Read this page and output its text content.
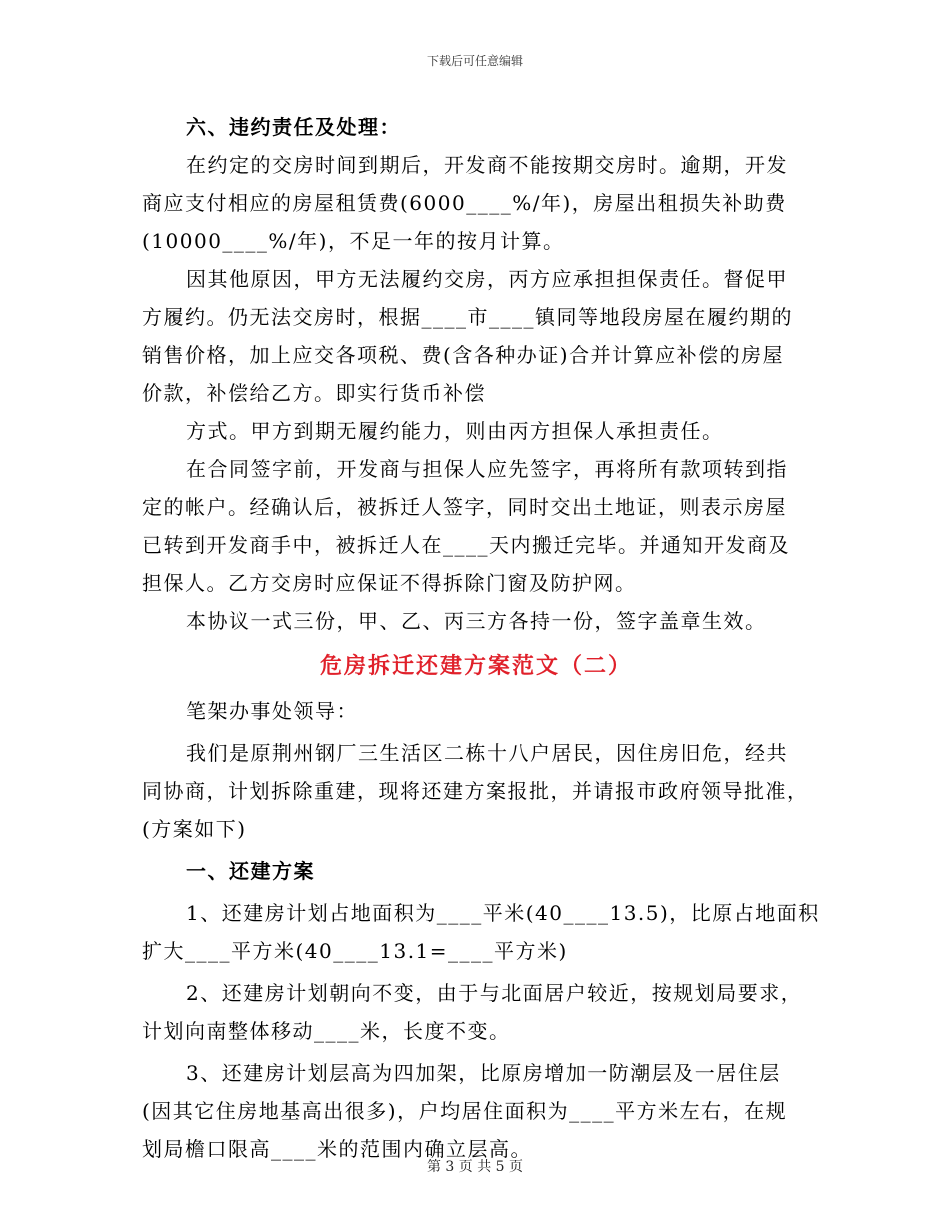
下载后可任意编辑
六、违约责任及处理：
在约定的交房时间到期后，开发商不能按期交房时。逾期，开发
商应支付相应的房屋租赁费(6000____%/年)，房屋出租损失补助费
(10000____%/年)，不足一年的按月计算。
因其他原因，甲方无法履约交房，丙方应承担担保责任。督促甲
方履约。仍无法交房时，根据____市____镇同等地段房屋在履约期的
销售价格，加上应交各项税、费(含各种办证)合并计算应补偿的房屋
价款，补偿给乙方。即实行货币补偿
方式。甲方到期无履约能力，则由丙方担保人承担责任。
在合同签字前，开发商与担保人应先签字，再将所有款项转到指
定的帐户。经确认后，被拆迁人签字，同时交出土地证，则表示房屋
已转到开发商手中，被拆迁人在____天内搬迁完毕。并通知开发商及
担保人。乙方交房时应保证不得拆除门窗及防护网。
本协议一式三份，甲、乙、丙三方各持一份，签字盖章生效。
危房拆迁还建方案范文（二）
笔架办事处领导：
我们是原荆州钢厂三生活区二栋十八户居民，因住房旧危，经共
同协商，计划拆除重建，现将还建方案报批，并请报市政府领导批准，
(方案如下)
一、还建方案
1、还建房计划占地面积为____平米(40____13.5)，比原占地面积
扩大____平方米(40____13.1=____平方米)
2、还建房计划朝向不变，由于与北面居户较近，按规划局要求，
计划向南整体移动____米，长度不变。
3、还建房计划层高为四加架，比原房增加一防潮层及一居住层
(因其它住房地基高出很多)，户均居住面积为____平方米左右，在规
划局檐口限高____米的范围内确立层高。
第 3 页 共 5 页
